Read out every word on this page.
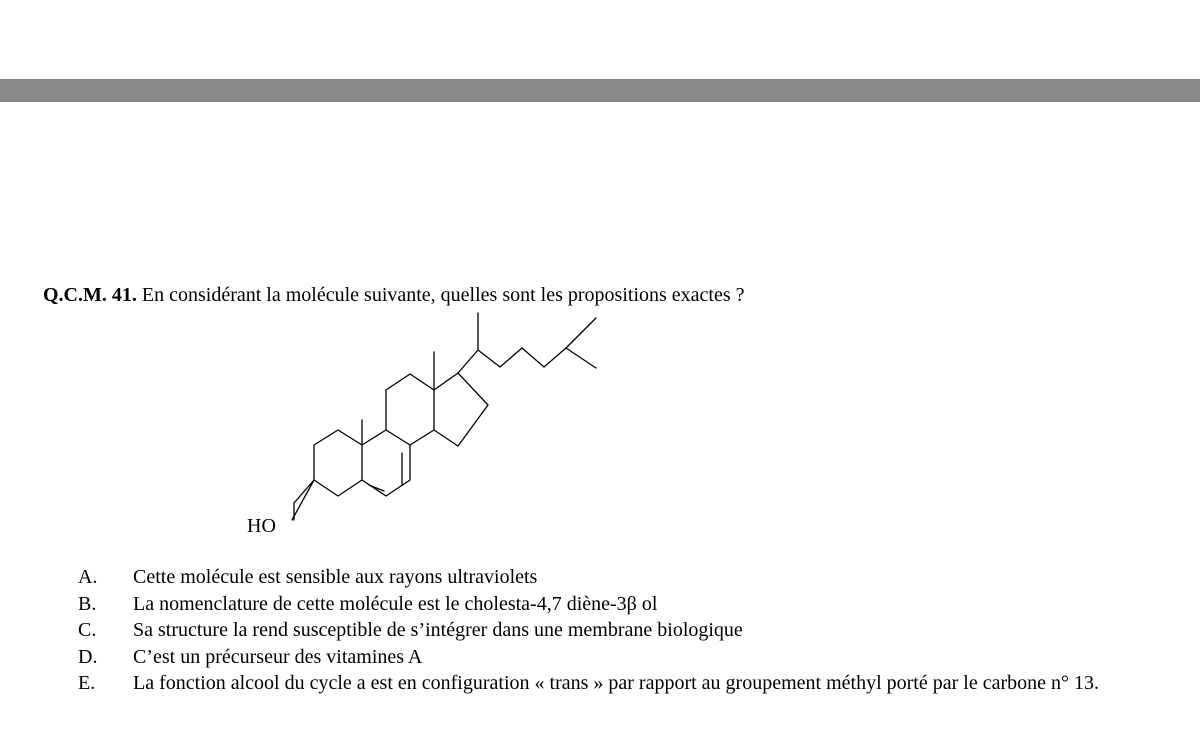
Q.C.M. 41. En considérant la molécule suivante, quelles sont les propositions exactes ?
HO
A.	Cette molécule est sensible aux rayons ultraviolets
B.	La nomenclature de cette molécule est le cholesta-4,7 diène-3β ol
C.	Sa structure la rend susceptible de s’intégrer dans une membrane biologique
D.	C’est un précurseur des vitamines A
E.	La fonction alcool du cycle a est en configuration « trans » par rapport au groupement méthyl porté par le carbone n° 13.
